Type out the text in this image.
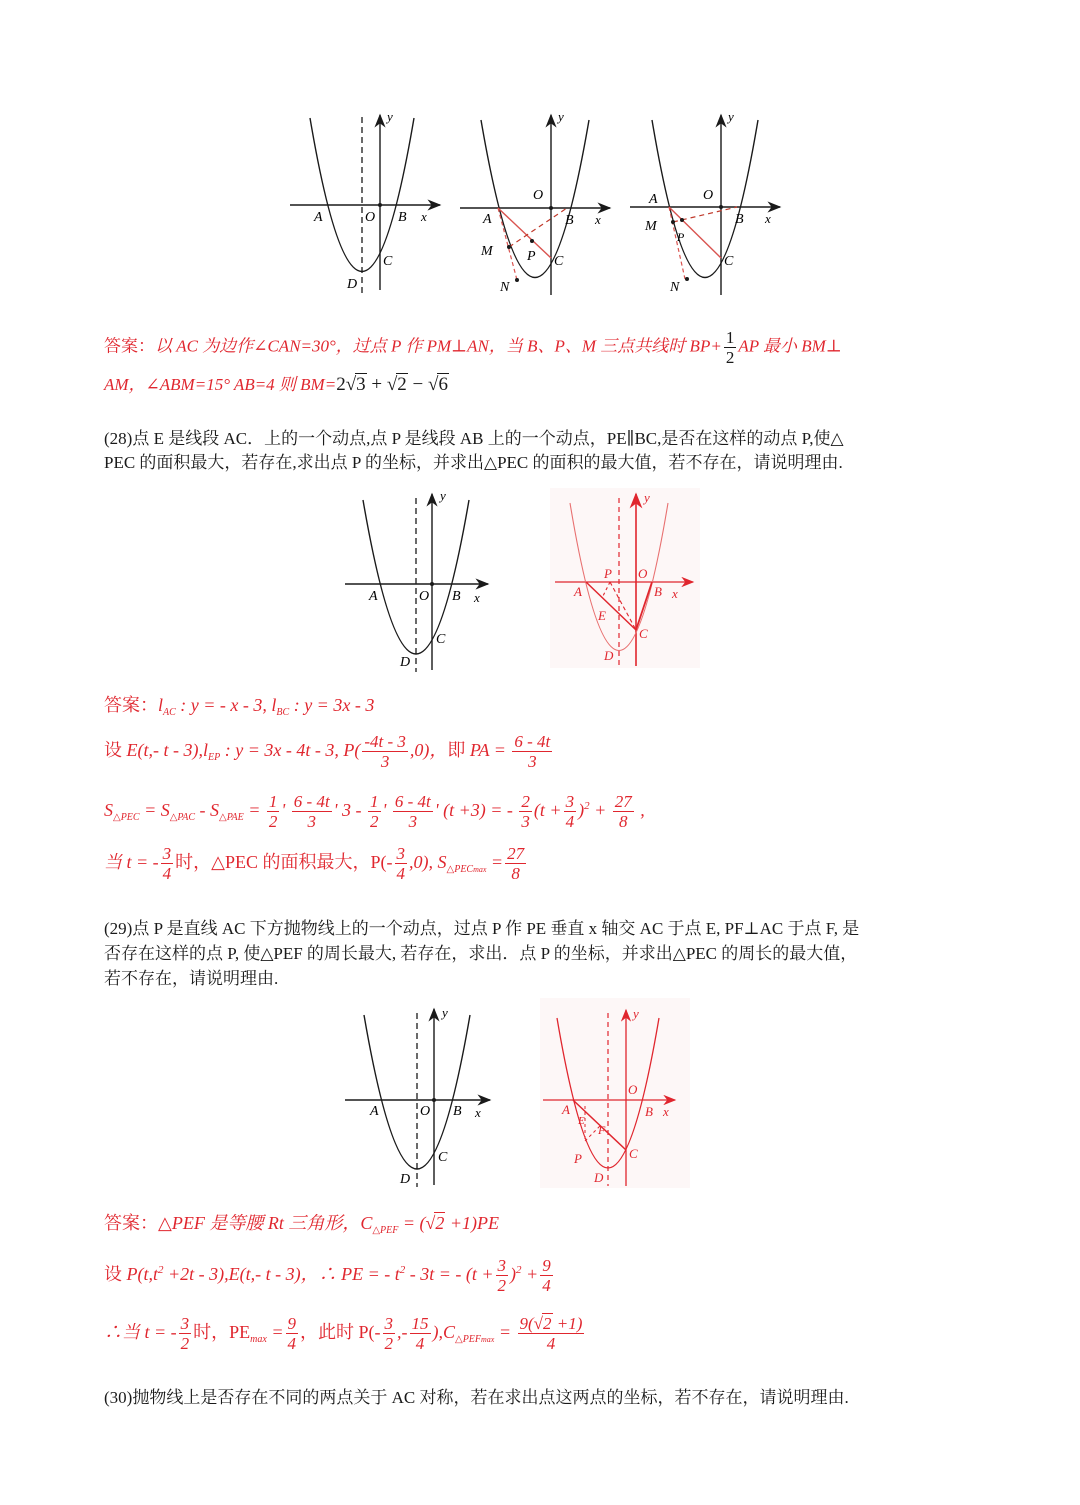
y
x
A	O B
C
D
y
x
A
O
B
C
M P
N
y
x
A	O
B
C
M
P
N
答案：以 AC 为边作∠CAN=30°，过点 P 作 PM⊥AN，当 B、P、M 三点共线时 $BP+ \frac{1}{2}$ AP 最小 BM⊥
AM，∠ABM=15° AB=4 则 BM=2√3 + √2 − √6
(28)点 E 是线段 AC．上的一个动点,点 P 是线段 AB 上的一个动点，PE∥BC,是否在这样的动点 P,使△
PEC 的面积最大，若存在,求出点 P 的坐标，并求出△PEC 的面积的最大值，若不存在，请说明理由.
y
x
A	O B
C
D
y
x
A
P O
B
E
C
D
答案：$l_{AC}$ : y = - x - 3, $l_{BC}$ : y = 3x - 3
设 E(t,- t - $3),l_{EP}$ : y = 3x - 4t - 3, $P( \frac{-4t - 3}{3} ,0)$，即 PA = $\frac{6 - 4t}{3}$
$S_{\triangle PEC} = S_{\triangle PAC} - S_{\triangle PAE} = \frac{1}{2}$ ' $\frac{6 - 4t}{3}$ ' $3 - \frac{1}{2}$ ' $\frac{6 - 4t}{3}$ ' (t +3) = - $\frac{2}{3} (t + \frac{3}{4} )^2 + \frac{27}{8}$ ,
当 t = - $\frac{3}{4}$ 时，△PEC 的面积最大，$P(- \frac{3}{4} ,0)$, $S_{\triangle PECmax} = \frac{27}{8}$
(29)点 P 是直线 AC 下方抛物线上的一个动点，过点 P 作 PE 垂直 x 轴交 AC 于点 E, PF⊥AC 于点 F, 是
否存在这样的点 P, 使△PEF 的周长最大, 若存在，求出．点 P 的坐标，并求出△PEC 的周长的最大值，
若不存在，请说明理由.
y
x
A	O B
C
D
y
x
A
E
F
O
B
C
P
D
答案：△PEF 是等腰 Rt 三角形，$C_{\triangle PEF} = (√2 +1)PE$
设 $P(t,t^2 +2t - 3),E(t,-$ t - 3)，∴ PE = - $t^2 - 3t$ = - $(t + \frac{3}{2} )^2 + \frac{9}{4}$
∴当 t = - $\frac{3}{2}$ 时，$PE_{max} = \frac{9}{4}$ ，此时 $P(- \frac{3}{2}$ ,- $\frac{15}{4} ),C_{\triangle PEFmax} = \frac{9(√2 +1)}{4}$
(30)抛物线上是否存在不同的两点关于 AC 对称，若在求出点这两点的坐标，若不存在，请说明理由.
